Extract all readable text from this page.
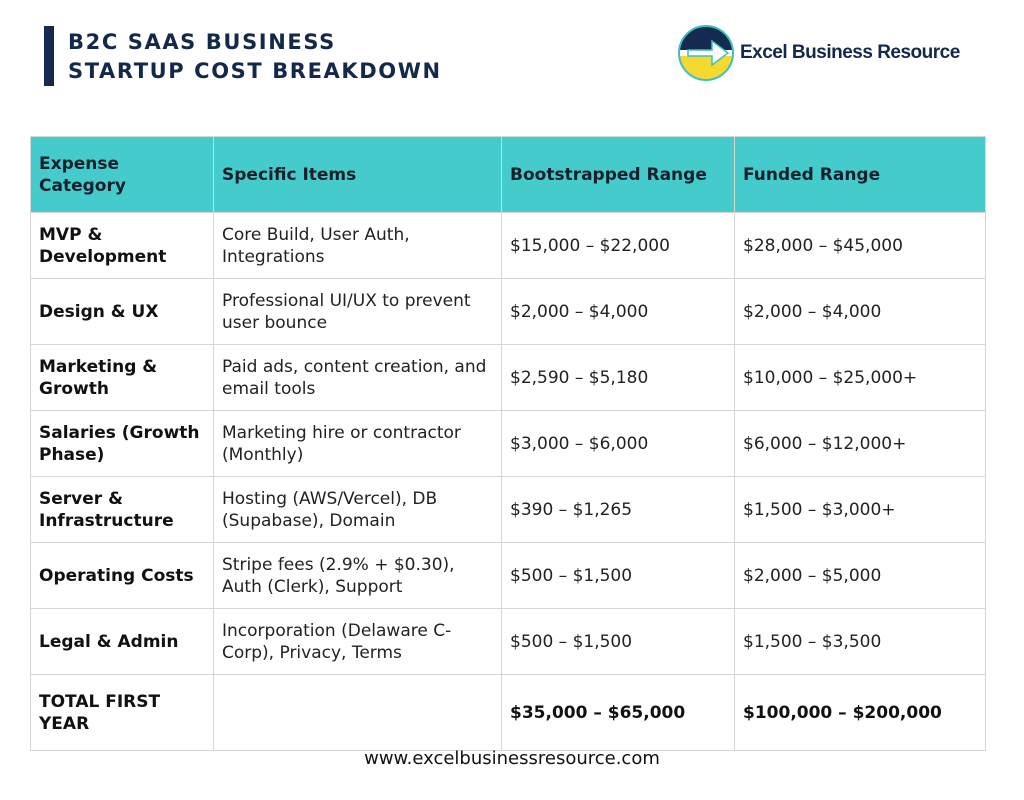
B2C SAAS BUSINESS
STARTUP COST BREAKDOWN
Excel Business Resource
Expense Category	Specific Items	Bootstrapped Range	Funded Range
MVP & Development	Core Build, User Auth, Integrations	$15,000 – $22,000	$28,000 – $45,000
Design & UX	Professional UI/UX to prevent user bounce	$2,000 – $4,000	$2,000 – $4,000
Marketing & Growth	Paid ads, content creation, and email tools	$2,590 – $5,180	$10,000 – $25,000+
Salaries (Growth Phase)	Marketing hire or contractor (Monthly)	$3,000 – $6,000	$6,000 – $12,000+
Server & Infrastructure	Hosting (AWS/Vercel), DB (Supabase), Domain	$390 – $1,265	$1,500 – $3,000+
Operating Costs	Stripe fees (2.9% + $0.30), Auth (Clerk), Support	$500 – $1,500	$2,000 – $5,000
Legal & Admin	Incorporation (Delaware C-Corp), Privacy, Terms	$500 – $1,500	$1,500 – $3,500
TOTAL FIRST YEAR		$35,000 – $65,000	$100,000 – $200,000
www.excelbusinessresource.com
